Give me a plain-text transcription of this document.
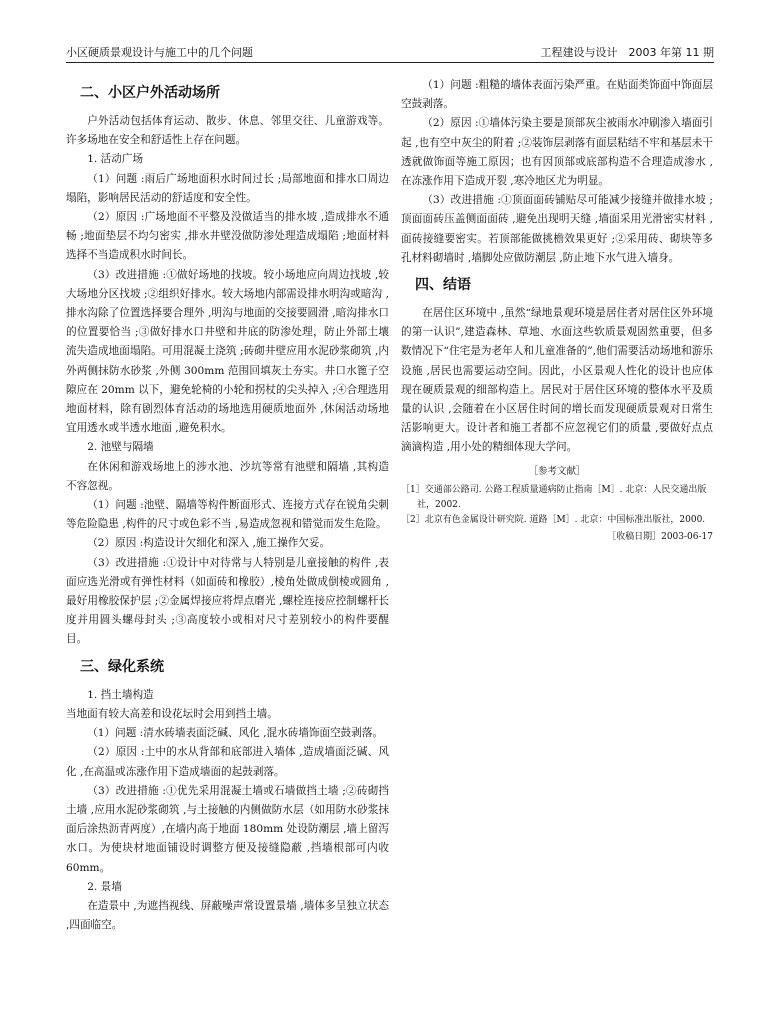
小区硬质景观设计与施工中的几个问题	工程建设与设计　2003 年第 11 期
二、小区户外活动场所

户外活动包括体育运动、散步、休息、邻里交往、儿童游戏等。许多场地在安全和舒适性上存在问题。

1. 活动广场

（1）问题 :雨后广场地面积水时间过长 ;局部地面和排水口周边塌陷，影响居民活动的舒适度和安全性。

（2）原因 :广场地面不平整及没做适当的排水坡 ,造成排水不通畅 ;地面垫层不均匀密实 ,排水井壁没做防渗处理造成塌陷 ;地面材料选择不当造成积水时间长。

（3）改进措施 :①做好场地的找坡。较小场地应向周边找坡 ,较大场地分区找坡 ;②组织好排水。较大场地内部需设排水明沟或暗沟 ,排水沟除了位置选择要合理外 ,明沟与地面的交接要圆滑 ,暗沟排水口的位置要恰当 ;③做好排水口井壁和井底的防渗处理，防止外部土壤流失造成地面塌陷。可用混凝土浇筑 ;砖砌井壁应用水泥砂浆砌筑 ,内外两侧抹防水砂浆 ,外侧 300mm 范围回填灰土夯实。井口水篦子空隙应在 20mm 以下，避免轮椅的小轮和拐杖的尖头掉入 ;④合理选用地面材料，除有剧烈体育活动的场地选用硬质地面外 ,休闲活动场地宜用透水或半透水地面 ,避免积水。

2. 池壁与隔墙

在休闲和游戏场地上的涉水池、沙坑等常有池壁和隔墙 ,其构造不容忽视。

（1）问题 :池壁、隔墙等构件断面形式、连接方式存在锐角尖刺等危险隐患 ,构件的尺寸或色彩不当 ,易造成忽视和错觉而发生危险。

（2）原因 :构造设计欠细化和深入 ,施工操作欠妥。

（3）改进措施 :①设计中对待常与人特别是儿童接触的构件 ,表面应选光滑或有弹性材料（如面砖和橡胶）,棱角处做成倒棱或圆角 ,最好用橡胶保护层 ;②金属焊接应将焊点磨光 ,螺栓连接应控制螺杆长度并用圆头螺母封头 ;③高度较小或相对尺寸差别较小的构件要醒目。

三、绿化系统

1. 挡土墙构造

当地面有较大高差和设花坛时会用到挡土墙。

（1）问题 :清水砖墙表面泛碱、风化 ,混水砖墙饰面空鼓剥落。

（2）原因 :土中的水从背部和底部进入墙体 ,造成墙面泛碱、风化 ,在高温或冻涨作用下造成墙面的起鼓剥落。

（3）改进措施 :①优先采用混凝土墙或石墙做挡土墙 ;②砖砌挡土墙 ,应用水泥砂浆砌筑 ,与土接触的内侧做防水层（如用防水砂浆抹面后涂热沥青两度）,在墙内高于地面 180mm 处设防潮层 ,墙上留泻水口。为使块材地面铺设时调整方便及接缝隐蔽 ,挡墙根部可内收 60mm。

2. 景墙

在造景中 ,为遮挡视线、屏蔽噪声常设置景墙 ,墙体多呈独立状态 ,四面临空。

（1）问题 :粗糙的墙体表面污染严重。在贴面类饰面中饰面层空鼓剥落。

（2）原因 :①墙体污染主要是顶部灰尘被雨水冲刷渗入墙面引起 ,也有空中灰尘的附着 ;②装饰层剥落有面层粘结不牢和基层未干透就做饰面等施工原因；也有因顶部或底部构造不合理造成渗水 ,在冻涨作用下造成开裂 ,寒冷地区尤为明显。

（3）改进措施 :①顶面面砖铺贴尽可能减少接缝并做排水坡 ;顶面面砖压盖侧面面砖 ,避免出现明天缝 ,墙面采用光滑密实材料 ,面砖接缝要密实。若顶部能做挑檐效果更好 ;②采用砖、砌块等多孔材料砌墙时 ,墙脚处应做防潮层 ,防止地下水气进入墙身。

四、结语

在居住区环境中 ,虽然“绿地景观环境是居住者对居住区外环境的第一认识”,建造森林、草地、水面这些软质景观固然重要，但多数情况下“住宅是为老年人和儿童准备的”,他们需要活动场地和游乐设施 ,居民也需要运动空间。因此，小区景观人性化的设计也应体现在硬质景观的细部构造上。居民对于居住区环境的整体水平及质量的认识 ,会随着在小区居住时间的增长而发现硬质景观对日常生活影响更大。设计者和施工者都不应忽视它们的质量 ,要做好点点滴滴构造 ,用小处的精细体现大学问。

［参考文献］
［1］交通部公路司. 公路工程质量通病防止指南［M］. 北京：人民交通出版社，2002.
［2］北京有色金属设计研究院. 道路［M］. 北京：中国标准出版社，2000.
［收稿日期］2003-06-17
